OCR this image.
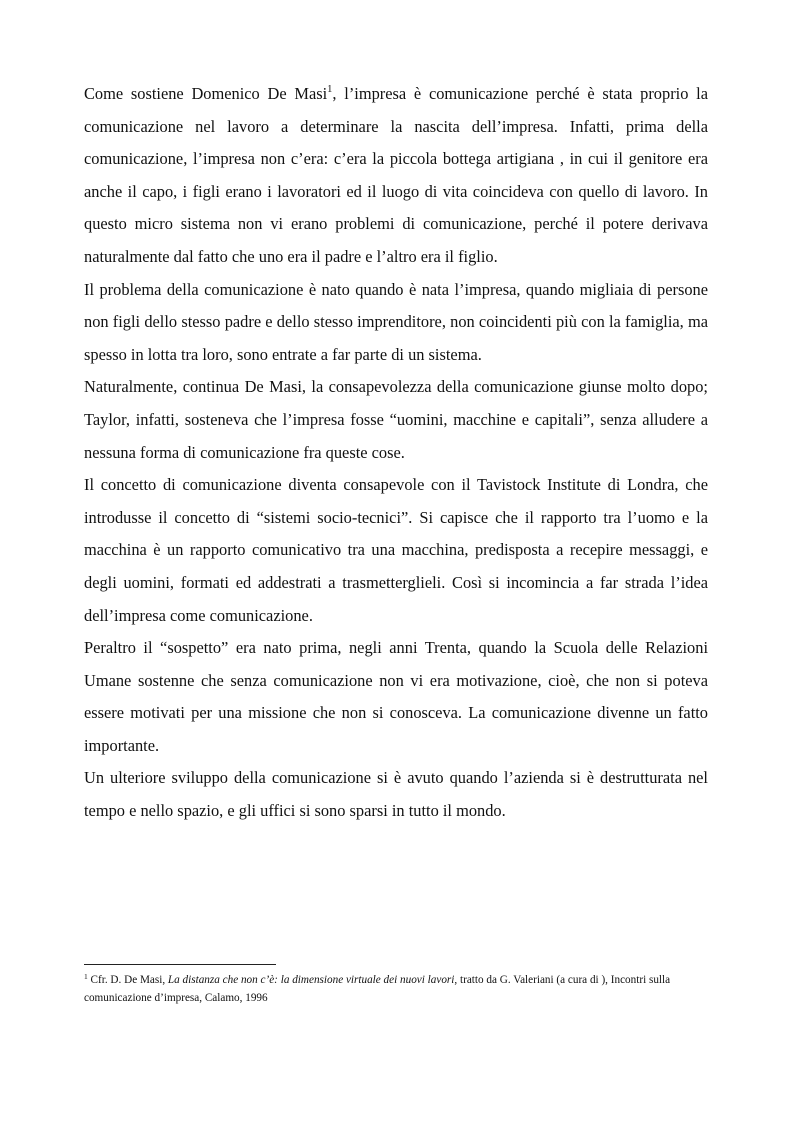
Come sostiene Domenico De Masi$^1$, l’impresa è comunicazione perché è stata proprio la comunicazione nel lavoro a determinare la nascita dell’impresa. Infatti, prima della comunicazione, l’impresa non c’era: c’era la piccola bottega artigiana , in cui il genitore era anche il capo, i figli erano i lavoratori ed il luogo di vita coincideva con quello di lavoro. In questo micro sistema non vi erano problemi di comunicazione, perché il potere derivava naturalmente dal fatto che uno era il padre e l’altro era il figlio.

Il problema della comunicazione è nato quando è nata l’impresa, quando migliaia di persone non figli dello stesso padre e dello stesso imprenditore, non coincidenti più con la famiglia, ma spesso in lotta tra loro, sono entrate a far parte di un sistema.

Naturalmente, continua De Masi, la consapevolezza della comunicazione giunse molto dopo; Taylor, infatti, sosteneva che l’impresa fosse “uomini, macchine e capitali”, senza alludere a nessuna forma di comunicazione fra queste cose.

Il concetto di comunicazione diventa consapevole con il Tavistock Institute di Londra, che introdusse il concetto di “sistemi socio-tecnici”. Si capisce che il rapporto tra l’uomo e la macchina è un rapporto comunicativo tra una macchina, predisposta a recepire messaggi, e degli uomini, formati ed addestrati a trasmetterglieli. Così si incomincia a far strada l’idea dell’impresa come comunicazione.

Peraltro il “sospetto” era nato prima, negli anni Trenta, quando la Scuola delle Relazioni Umane sostenne che senza comunicazione non vi era motivazione, cioè, che non si poteva essere motivati per una missione che non si conosceva. La comunicazione divenne un fatto importante.

Un ulteriore sviluppo della comunicazione si è avuto quando l’azienda si è destrutturata nel tempo e nello spazio, e gli uffici si sono sparsi in tutto il mondo.

$^1$ Cfr. D. De Masi, La distanza che non c’è: la dimensione virtuale dei nuovi lavori, tratto da G. Valeriani (a cura di ), Incontri sulla comunicazione d’impresa, Calamo, 1996
